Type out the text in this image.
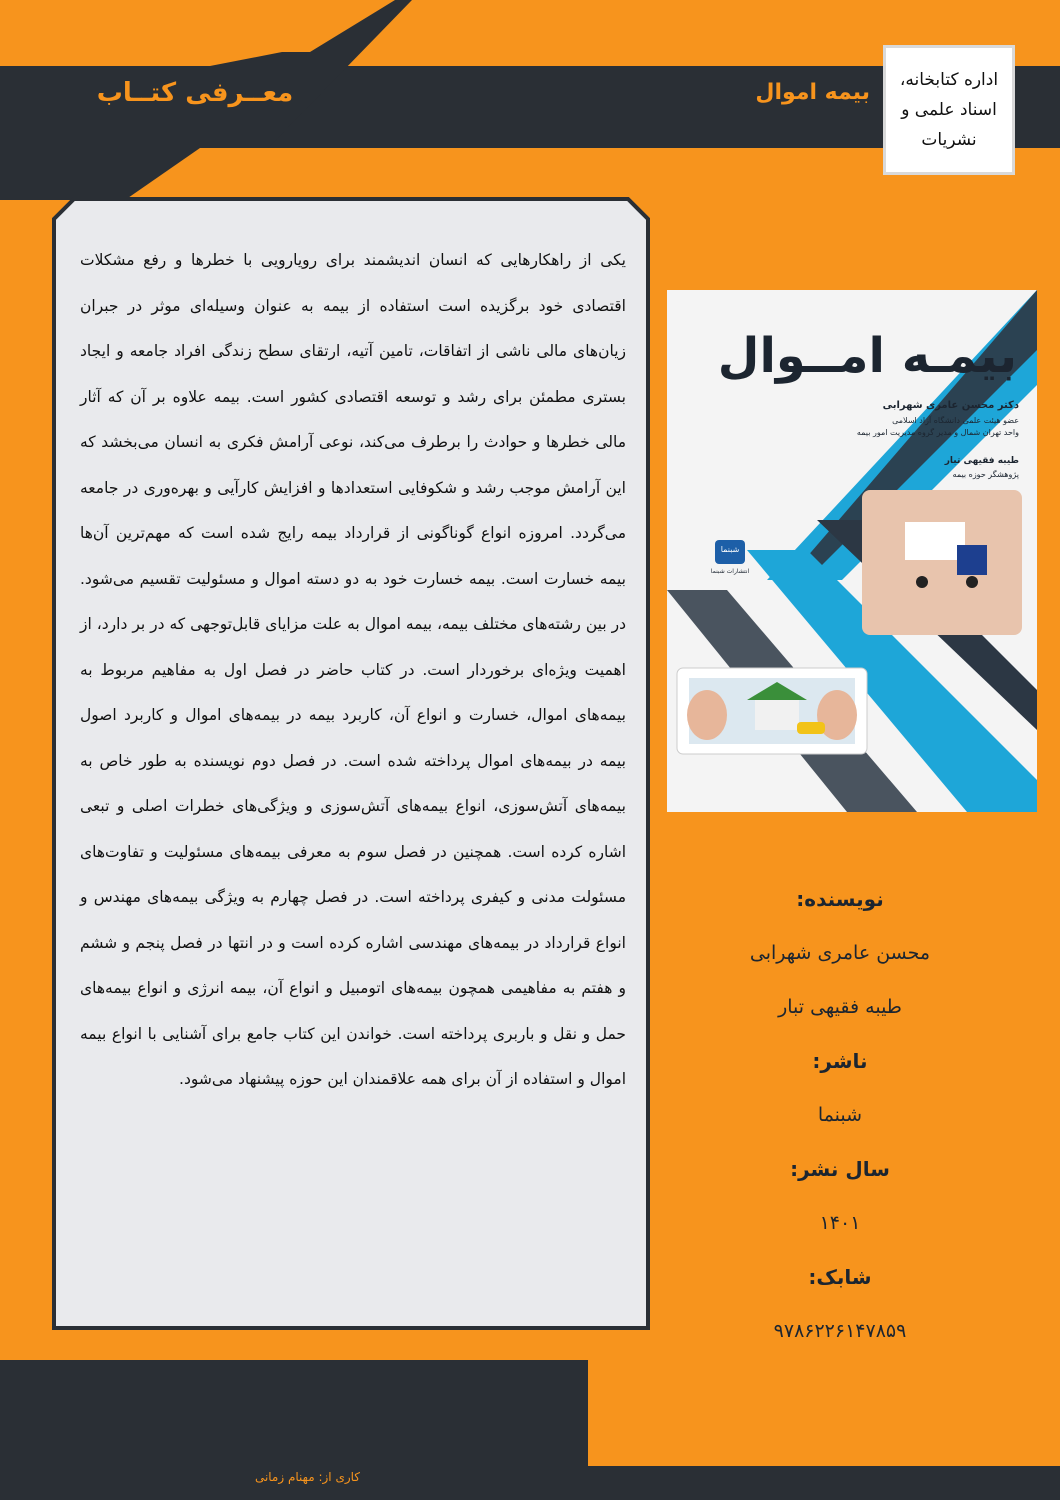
معــرفی کتــاب	بیمه اموال اداره کتابخانه،
اسناد علمی و
نشریات
یکی از راهکارهایی که انسان اندیشمند برای رویارویی با خطرها و رفع مشکلات اقتصادی خود برگزیده است استفاده از بیمه به عنوان وسیله‌ای موثر در جبران زیان‌های مالی ناشی از اتفاقات، تامین آتیه، ارتقای سطح زندگی افراد جامعه و ایجاد بستری مطمئن برای رشد و توسعه اقتصادی کشور است. بیمه علاوه بر آن که آثار مالی خطرها و حوادث را برطرف می‌کند، نوعی آرامش فکری به انسان می‌بخشد که این آرامش موجب رشد و شکوفایی استعدادها و افزایش کارآیی و بهره‌وری در جامعه می‌گردد. امروزه انواع گوناگونی از قرارداد بیمه رایج شده است که مهم‌ترین آن‌ها بیمه خسارت است. بیمه خسارت خود به دو دسته اموال و مسئولیت تقسیم می‌شود. در بین رشته‌های مختلف بیمه، بیمه اموال به علت مزایای قابل‌توجهی که در بر دارد، از اهمیت ویژه‌ای برخوردار است. در کتاب حاضر در فصل اول به مفاهیم مربوط به بیمه‌های اموال، خسارت و انواع آن، کاربرد بیمه در بیمه‌های اموال و کاربرد اصول بیمه در بیمه‌های اموال پرداخته شده است. در فصل دوم نویسنده به طور خاص به بیمه‌های آتش‌سوزی، انواع بیمه‌های آتش‌سوزی و ویژگی‌های خطرات اصلی و تبعی اشاره کرده است. همچنین در فصل سوم به معرفی بیمه‌های مسئولیت و تفاوت‌های مسئولت مدنی و کیفری پرداخته است. در فصل چهارم به ویژگی بیمه‌های مهندس و انواع قرارداد در بیمه‌های مهندسی اشاره کرده است و در انتها در فصل پنجم و ششم و هفتم به مفاهیمی همچون بیمه‌های اتومبیل و انواع آن، بیمه انرژی و انواع بیمه‌های حمل و نقل و باربری پرداخته است. خواندن این کتاب جامع برای آشنایی با انواع بیمه اموال و استفاده از آن برای همه علاقمندان این حوزه پیشنهاد می‌شود.
بیمـه امــوال
دکتر محسن عامری شهرابی
عضو هیئت علمی دانشگاه آزاد اسلامی
واحد تهران شمال و مدیر گروه مدیریت امور بیمه
طیبه فقیهی تبار
پژوهشگر حوزه بیمه
شبنما
انتشارات شبنما
نویسنده:
محسن عامری شهرابی
طیبه فقیهی تبار
ناشر:
شبنما
سال نشر:
۱۴۰۱
شابک:
۹۷۸۶۲۲۶۱۴۷۸۵۹
کاری از: مهنام زمانی
